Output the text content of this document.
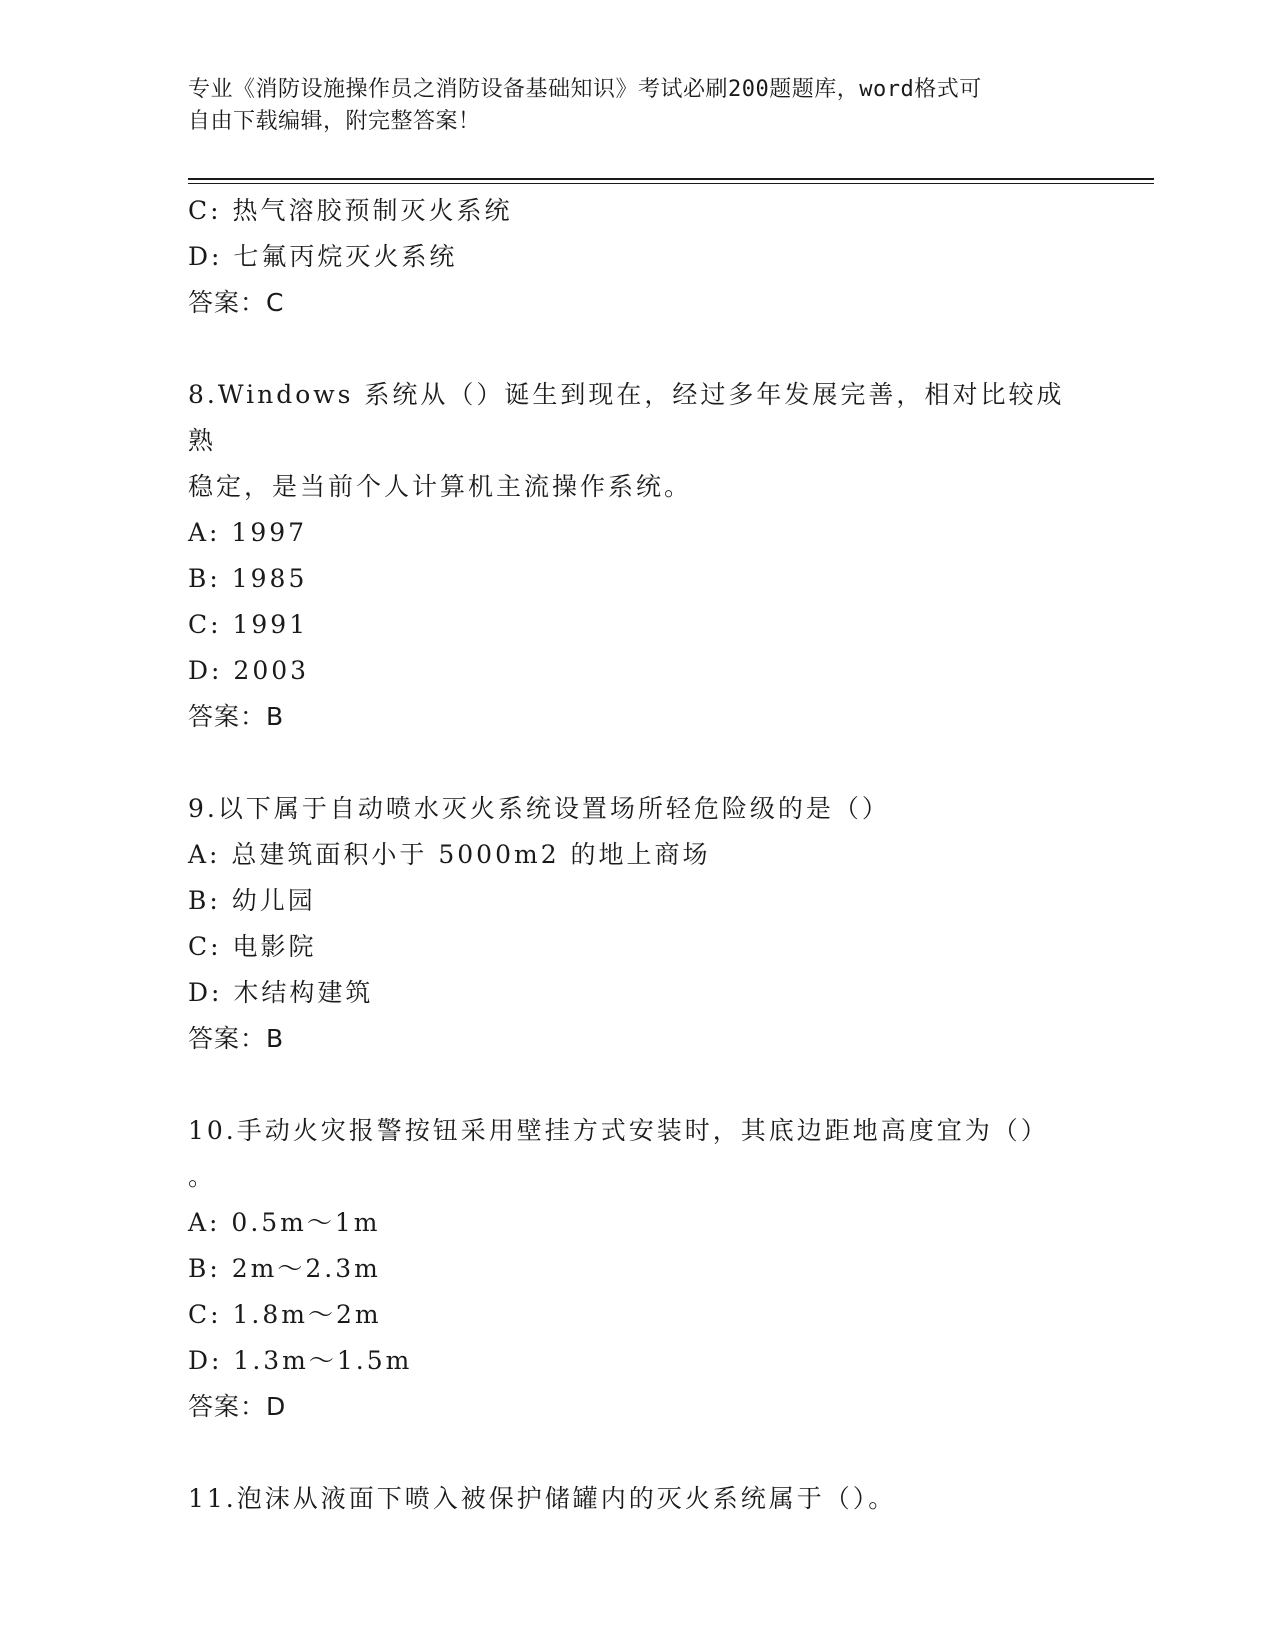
专业《消防设施操作员之消防设备基础知识》考试必刷200题题库，word格式可
自由下载编辑，附完整答案！
C: 热气溶胶预制灭火系统
D: 七氟丙烷灭火系统
答案：C
8.Windows 系统从（）诞生到现在，经过多年发展完善，相对比较成熟
稳定，是当前个人计算机主流操作系统。
A: 1997
B: 1985
C: 1991
D: 2003
答案：B
9.以下属于自动喷水灭火系统设置场所轻危险级的是（）
A: 总建筑面积小于 5000m2 的地上商场
B: 幼儿园
C: 电影院
D: 木结构建筑
答案：B
10.手动火灾报警按钮采用壁挂方式安装时，其底边距地高度宜为（）
。
A: 0.5m～1m
B: 2m～2.3m
C: 1.8m～2m
D: 1.3m～1.5m
答案：D
11.泡沫从液面下喷入被保护储罐内的灭火系统属于（）。
